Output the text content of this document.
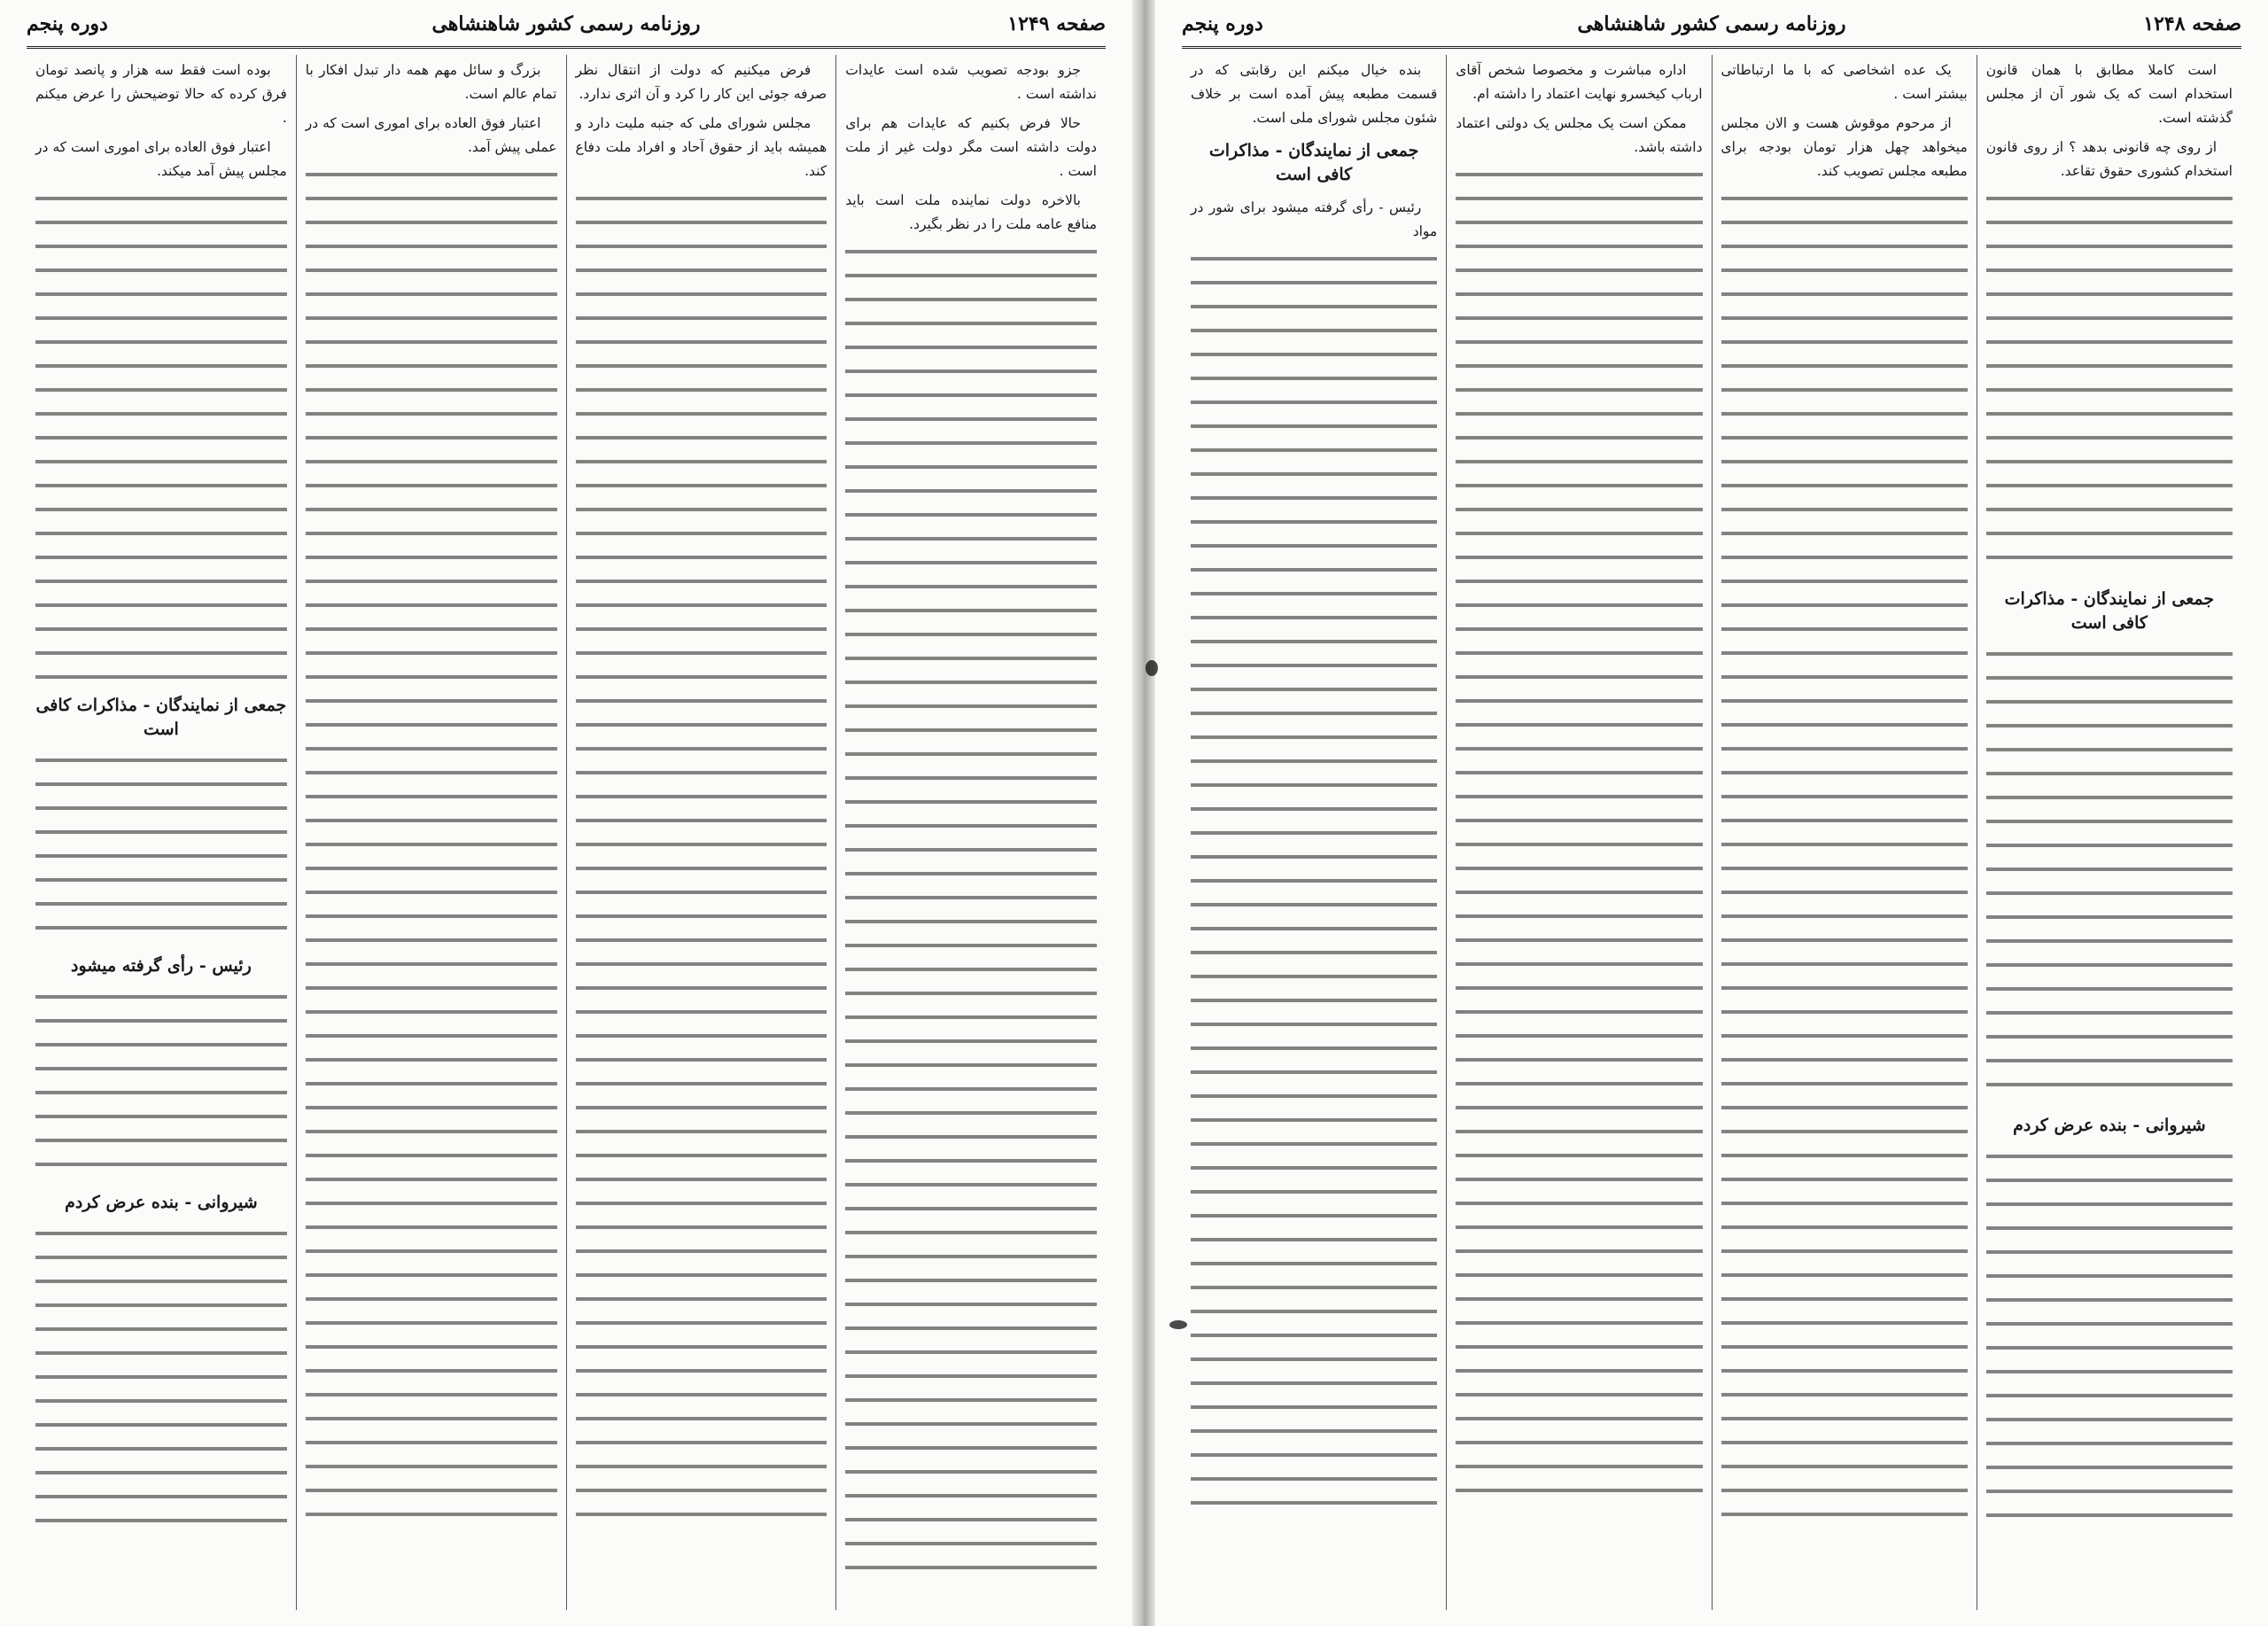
صفحه ۱۲۴۹
روزنامه رسمی کشور شاهنشاهی
دوره پنجم

جزو بودجه تصویب شده است عایدات نداشته است .

حالا فرض بکنیم که عایدات هم برای دولت داشته است مگر دولت غیر از ملت است .

بالاخره دولت نماینده ملت است باید منافع عامه ملت را در نظر بگیرد.

فرض میکنیم که دولت از انتقال نظر صرفه جوئی این کار را کرد و آن اثری ندارد.

مجلس شورای ملی که جنبه ملیت دارد و همیشه باید از حقوق آحاد و افراد ملت دفاع کند.

بزرگ و سائل مهم همه دار تبدل افکار با تمام عالم است.

اعتبار فوق العاده برای اموری است که در عملی پیش آمد.

بوده است فقط سه هزار و پانصد تومان فرق کرده که حالا توضیحش را عرض میکنم .

اعتبار فوق العاده برای اموری است که در مجلس پیش آمد میکند.

جمعی از نمایندگان - مذاکرات کافی است

رئیس - رأی گرفته میشود

شیروانی - بنده عرض کردم

صفحه ۱۲۴۸
روزنامه رسمی کشور شاهنشاهی
دوره پنجم

است کاملا مطابق با همان قانون استخدام است که یک شور آن از مجلس گذشته است.

از روی چه قانونی بدهد ؟ از روی قانون استخدام کشوری حقوق تقاعد.

جمعی از نمایندگان - مذاکرات کافی است

شیروانی - بنده عرض کردم

یک عده اشخاصی که با ما ارتباطاتی بیشتر است .

از مرحوم موقوش هست و الان مجلس میخواهد چهل هزار تومان بودجه برای مطبعه مجلس تصویب کند.

اداره مباشرت و مخصوصا شخص آقای ارباب کیخسرو نهایت اعتماد را داشته ام.

ممکن است یک مجلس یک دولتی اعتماد داشته باشد.

بنده خیال میکنم این رقابتی که در قسمت مطبعه پیش آمده است بر خلاف شئون مجلس شورای ملی است.

جمعی از نمایندگان - مذاکرات کافی است

رئیس - رأی گرفته میشود برای شور در مواد
